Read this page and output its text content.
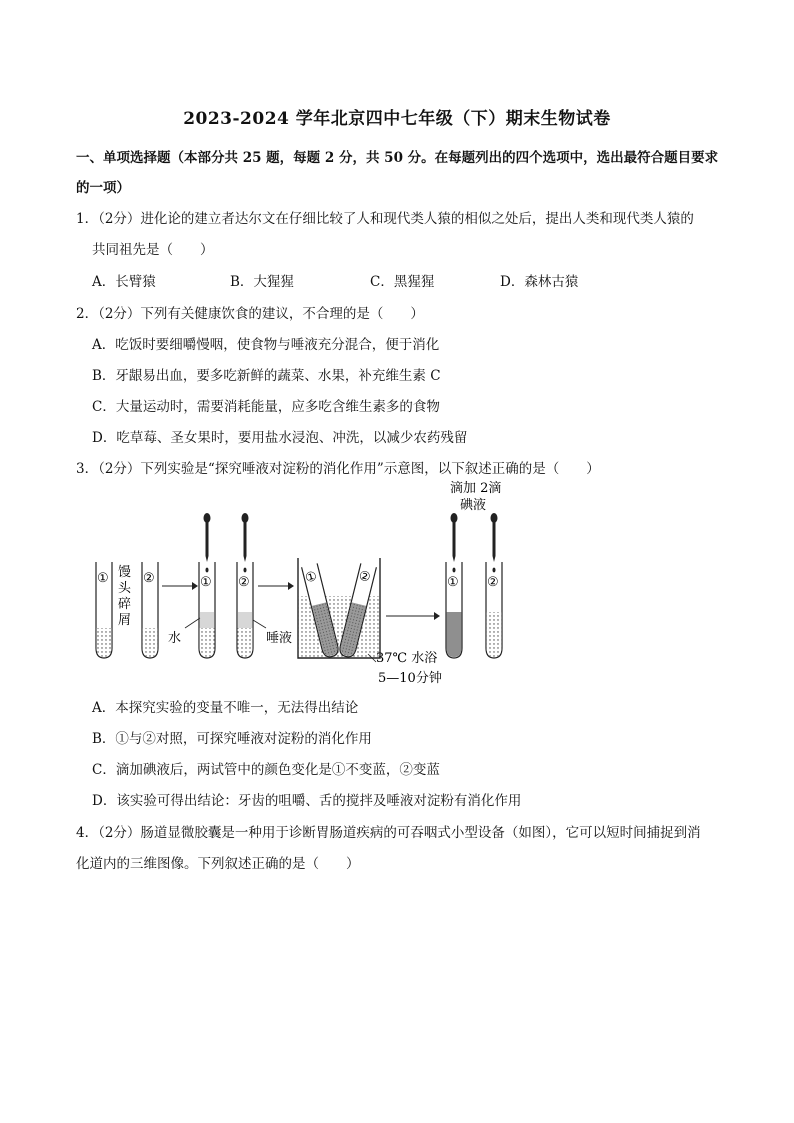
2023-2024 学年北京四中七年级（下）期末生物试卷
一、单项选择题（本部分共 25 题，每题 2 分，共 50 分。在每题列出的四个选项中，选出最符合题目要求
的一项）
1．（2分）进化论的建立者达尔文在仔细比较了人和现代类人猿的相似之处后，提出人类和现代类人猿的
共同祖先是（　　）
A．长臂猿	B．大猩猩	C．黑猩猩	D．森林古猿
2．（2分）下列有关健康饮食的建议，不合理的是（　　）
A．吃饭时要细嚼慢咽，使食物与唾液充分混合，便于消化
B．牙龈易出血，要多吃新鲜的蔬菜、水果，补充维生素 C
C．大量运动时，需要消耗能量，应多吃含维生素多的食物
D．吃草莓、圣女果时，要用盐水浸泡、冲洗，以减少农药残留
3．（2分）下列实验是“探究唾液对淀粉的消化作用”示意图，以下叙述正确的是（　　）
① 馒
头
碎
屑
②	①
水
②
唾液
①	②
37℃ 水浴
5—10分钟
滴加 2滴
碘液
① ②
A．本探究实验的变量不唯一，无法得出结论
B．①与②对照，可探究唾液对淀粉的消化作用
C．滴加碘液后，两试管中的颜色变化是①不变蓝，②变蓝
D．该实验可得出结论：牙齿的咀嚼、舌的搅拌及唾液对淀粉有消化作用
4．（2分）肠道显微胶囊是一种用于诊断胃肠道疾病的可吞咽式小型设备（如图），它可以短时间捕捉到消
化道内的三维图像。下列叙述正确的是（　　）
